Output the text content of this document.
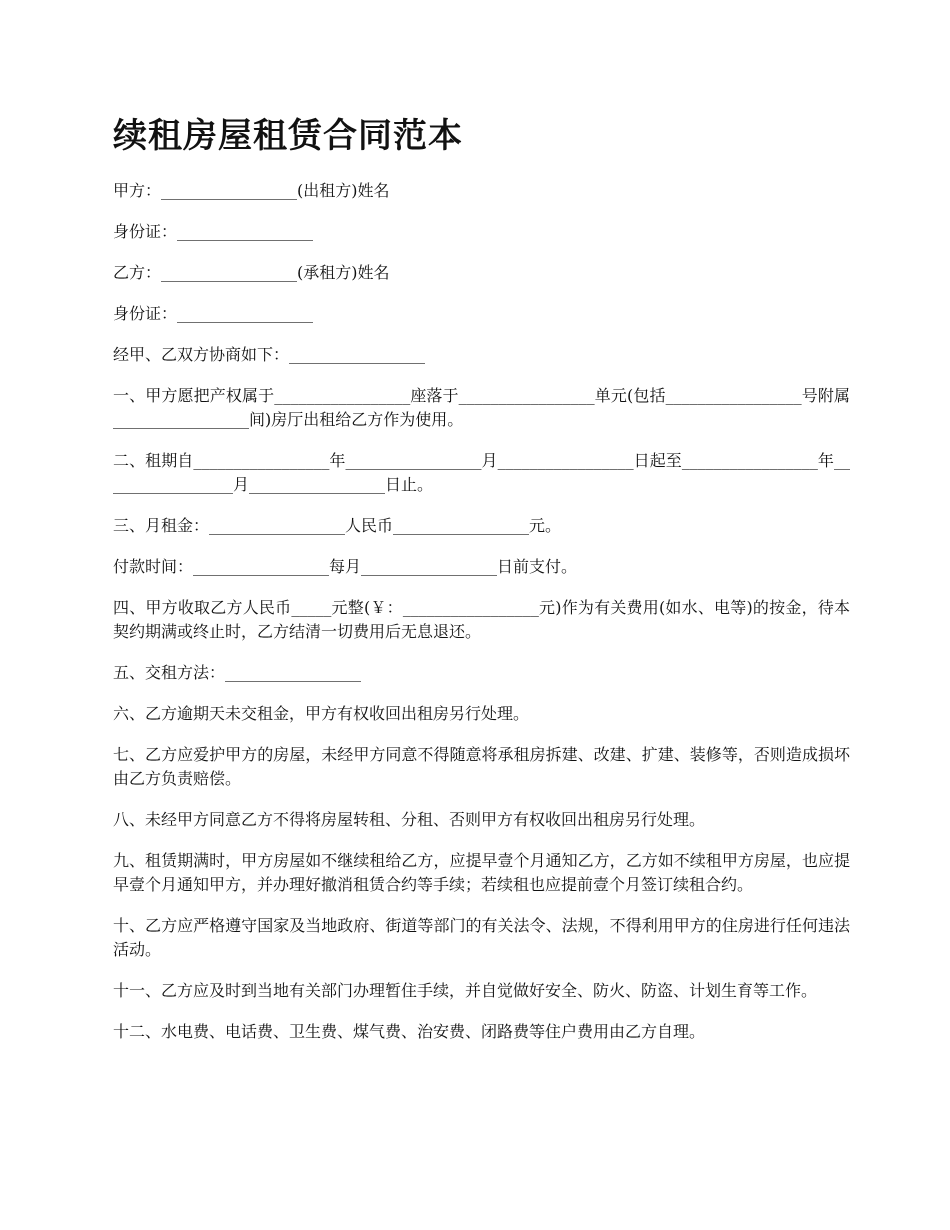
续租房屋租赁合同范本

甲方：_________________(出租方)姓名

身份证：_________________

乙方：_________________(承租方)姓名

身份证：_________________

经甲、乙双方协商如下：_________________

一、甲方愿把产权属于_________________座落于_________________单元(包括_________________号附属_________________间)房厅出租给乙方作为使用。

二、租期自_________________年_________________月_________________日起至_________________年_________________月_________________日止。

三、月租金：_________________人民币_________________元。

付款时间：_________________每月_________________日前支付。

四、甲方收取乙方人民币_____元整(￥：_________________元)作为有关费用(如水、电等)的按金，待本契约期满或终止时，乙方结清一切费用后无息退还。

五、交租方法：_________________

六、乙方逾期天未交租金，甲方有权收回出租房另行处理。

七、乙方应爱护甲方的房屋，未经甲方同意不得随意将承租房拆建、改建、扩建、装修等，否则造成损坏由乙方负责赔偿。

八、未经甲方同意乙方不得将房屋转租、分租、否则甲方有权收回出租房另行处理。

九、租赁期满时，甲方房屋如不继续租给乙方，应提早壹个月通知乙方，乙方如不续租甲方房屋，也应提早壹个月通知甲方，并办理好撤消租赁合约等手续；若续租也应提前壹个月签订续租合约。

十、乙方应严格遵守国家及当地政府、街道等部门的有关法令、法规，不得利用甲方的住房进行任何违法活动。

十一、乙方应及时到当地有关部门办理暂住手续，并自觉做好安全、防火、防盗、计划生育等工作。

十二、水电费、电话费、卫生费、煤气费、治安费、闭路费等住户费用由乙方自理。
